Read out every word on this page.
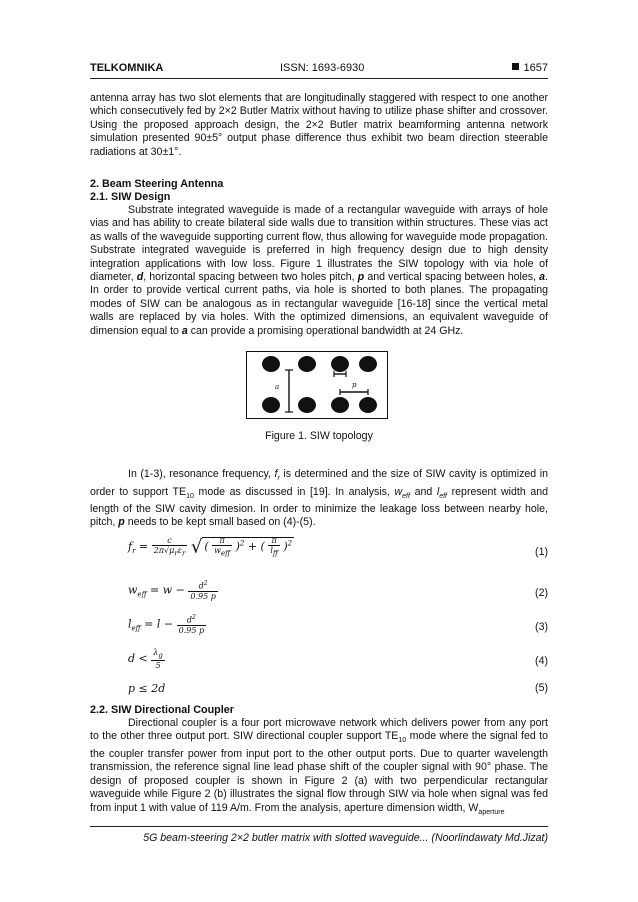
TELKOMNIKA	ISSN: 1693-6930	1657
antenna array has two slot elements that are longitudinally staggered with respect to one another which consecutively fed by 2×2 Butler Matrix without having to utilize phase shifter and crossover. Using the proposed approach design, the 2×2 Butler matrix beamforming antenna network simulation presented 90±5° output phase difference thus exhibit two beam direction steerable radiations at 30±1°.
2. Beam Steering Antenna
2.1. SIW Design
Substrate integrated waveguide is made of a rectangular waveguide with arrays of hole vias and has ability to create bilateral side walls due to transition within structures. These vias act as walls of the waveguide supporting current flow, thus allowing for waveguide mode propagation. Substrate integrated waveguide is preferred in high frequency design due to high density integration applications with low loss. Figure 1 illustrates the SIW topology with via hole of diameter, d, horizontal spacing between two holes pitch, p and vertical spacing between holes, a. In order to provide vertical current paths, via hole is shorted to both planes. The propagating modes of SIW can be analogous as in rectangular waveguide [16-18] since the vertical metal walls are replaced by via holes. With the optimized dimensions, an equivalent waveguide of dimension equal to a can provide a promising operational bandwidth at 24 GHz.
a
d
p
Figure 1. SIW topology
In (1-3), resonance frequency, $f_r$ is determined and the size of SIW cavity is optimized in order to support $TE_{10}$ mode as discussed in [19]. In analysis, $w_{eff}$ and $l_{eff}$ represent width and length of the SIW cavity dimesion. In order to minimize the leakage loss between nearby hole, pitch, p needs to be kept small based on (4)-(5).
$f_r = \frac{c}{2\pi√\mu_r\varepsilon_r}$ √ ( $\frac{\pi}{w_{eff}} )^2$ + ( $\frac{\pi}{l_{ff}} )^2$
(1)
$w_{eff} = w - \frac{d^2}{0.95 p}$	(2)
$l_{eff} = l - \frac{d^2}{0.95 p}$	(3)
$d < \frac{\lambda_g}{5}$	(4)
p ≤ 2d	(5)
2.2. SIW Directional Coupler
Directional coupler is a four port microwave network which delivers power from any port to the other three output port. SIW directional coupler support $TE_{10}$ mode where the signal fed to the coupler transfer power from input port to the other output ports. Due to quarter wavelength transmission, the reference signal line lead phase shift of the coupler signal with 90° phase. The design of proposed coupler is shown in Figure 2 (a) with two perpendicular rectangular waveguide while Figure 2 (b) illustrates the signal flow through SIW via hole when signal was fed from input 1 with value of 119 A/m. From the analysis, aperture dimension width, $W_{aperture}$
5G beam-steering 2×2 butler matrix with slotted waveguide... (Noorlindawaty Md.Jizat)
